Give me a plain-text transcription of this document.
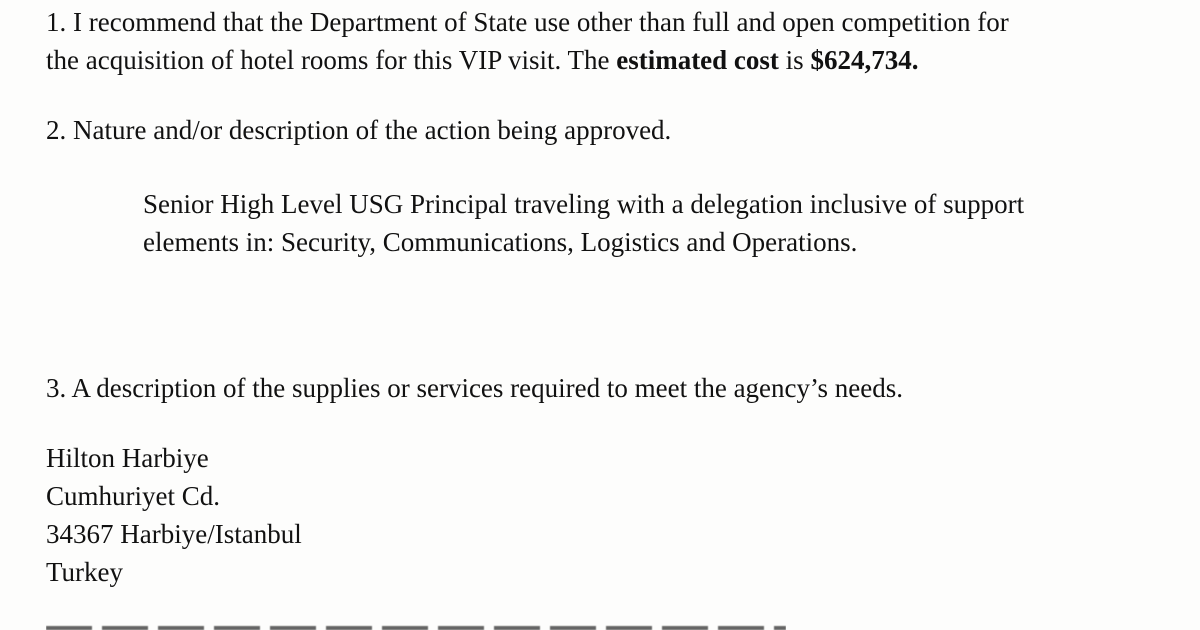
1. I recommend that the Department of State use other than full and open competition for

the acquisition of hotel rooms for this VIP visit. The estimated cost is $624,734.

2. Nature and/or description of the action being approved.

Senior High Level USG Principal traveling with a delegation inclusive of support

elements in: Security, Communications, Logistics and Operations.

3. A description of the supplies or services required to meet the agency’s needs.

Hilton Harbiye

Cumhuriyet Cd.

34367 Harbiye/Istanbul

Turkey
